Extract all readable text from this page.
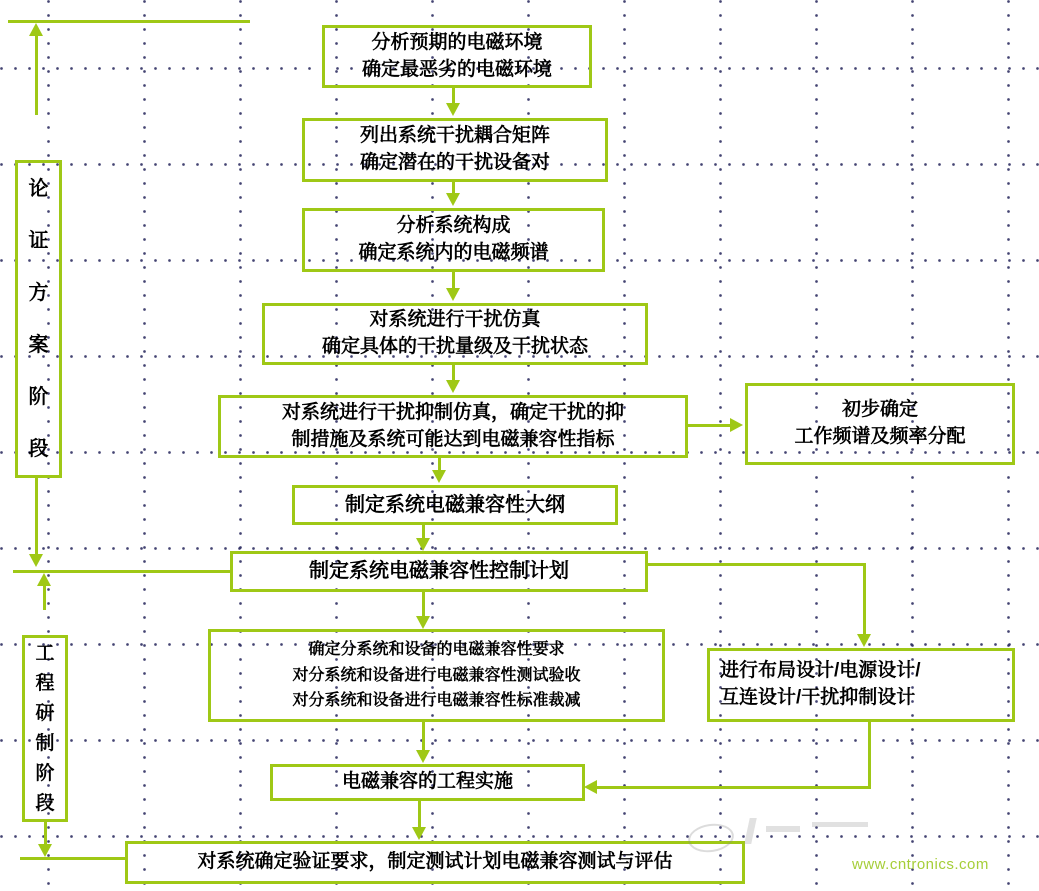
论证方案阶段
工程研制阶段
分析预期的电磁环境
确定最恶劣的电磁环境
列出系统干扰耦合矩阵
确定潜在的干扰设备对
分析系统构成
确定系统内的电磁频谱
对系统进行干扰仿真
确定具体的干扰量级及干扰状态
对系统进行干扰抑制仿真，确定干扰的抑
制措施及系统可能达到电磁兼容性指标
初步确定
工作频谱及频率分配
制定系统电磁兼容性大纲
制定系统电磁兼容性控制计划
确定分系统和设备的电磁兼容性要求
对分系统和设备进行电磁兼容性测试验收
对分系统和设备进行电磁兼容性标准裁减
进行布局设计/电源设计/
互连设计/干扰抑制设计
电磁兼容的工程实施
对系统确定验证要求，制定测试计划电磁兼容测试与评估	www.cntronics.com
